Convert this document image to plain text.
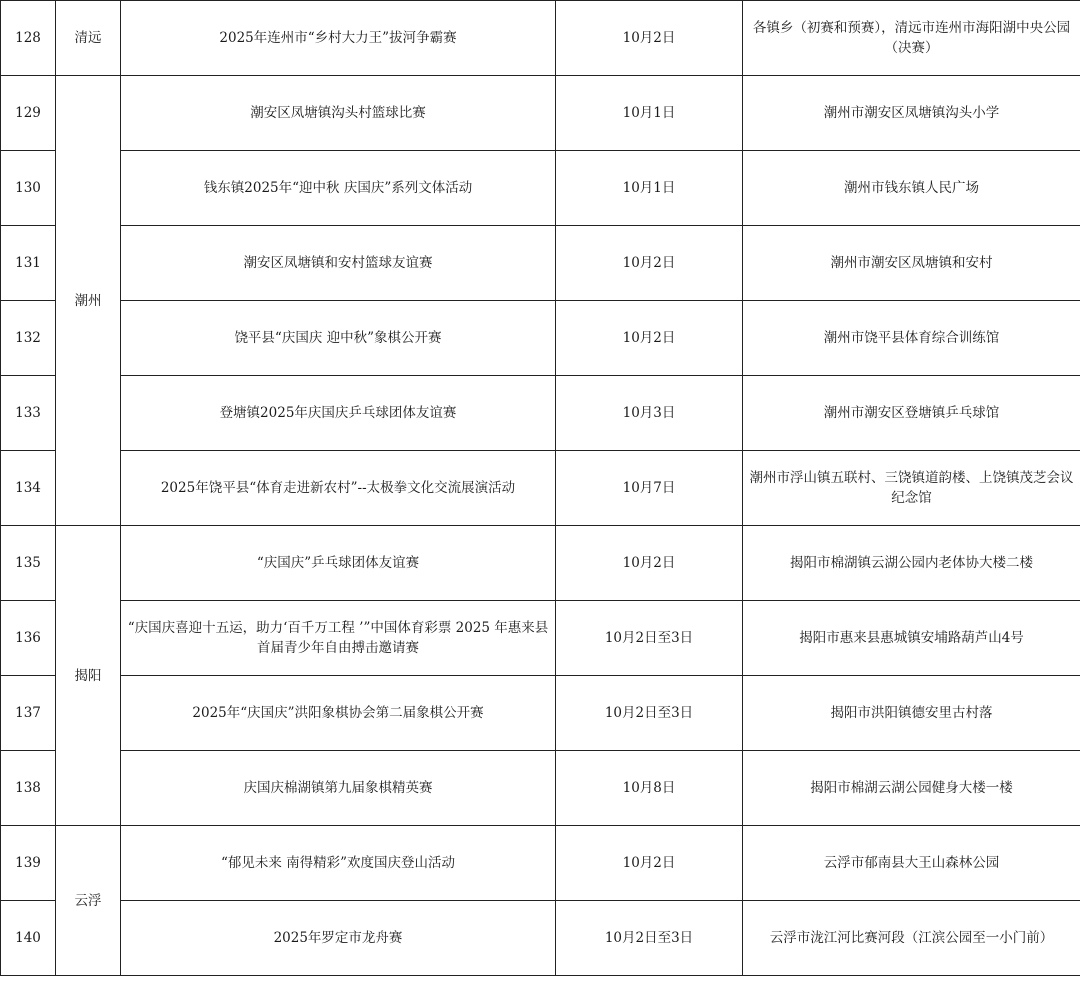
128	清远	2025年连州市“乡村大力王”拔河争霸赛	10月2日	各镇乡（初赛和预赛），清远市连州市海阳湖中央公园（决赛）
129	潮州	潮安区凤塘镇沟头村篮球比赛	10月1日	潮州市潮安区凤塘镇沟头小学
130		钱东镇2025年“迎中秋 庆国庆”系列文体活动	10月1日	潮州市钱东镇人民广场
131		潮安区凤塘镇和安村篮球友谊赛	10月2日	潮州市潮安区凤塘镇和安村
132		饶平县“庆国庆 迎中秋”象棋公开赛	10月2日	潮州市饶平县体育综合训练馆
133		登塘镇2025年庆国庆乒乓球团体友谊赛	10月3日	潮州市潮安区登塘镇乒乓球馆
134		2025年饶平县“体育走进新农村”--太极拳文化交流展演活动	10月7日	潮州市浮山镇五联村、三饶镇道韵楼、上饶镇茂芝会议纪念馆
135	揭阳	“庆国庆”乒乓球团体友谊赛	10月2日	揭阳市棉湖镇云湖公园内老体协大楼二楼
136		“庆国庆喜迎十五运，助力‘百千万工程 ’”中国体育彩票 2025 年惠来县首届青少年自由搏击邀请赛	10月2日至3日	揭阳市惠来县惠城镇安埔路葫芦山4号
137		2025年“庆国庆”洪阳象棋协会第二届象棋公开赛	10月2日至3日	揭阳市洪阳镇德安里古村落
138		庆国庆棉湖镇第九届象棋精英赛	10月8日	揭阳市棉湖云湖公园健身大楼一楼
139	云浮	“郁见未来 南得精彩”欢度国庆登山活动	10月2日	云浮市郁南县大王山森林公园
140		2025年罗定市龙舟赛	10月2日至3日	云浮市泷江河比赛河段（江滨公园至一小门前）
